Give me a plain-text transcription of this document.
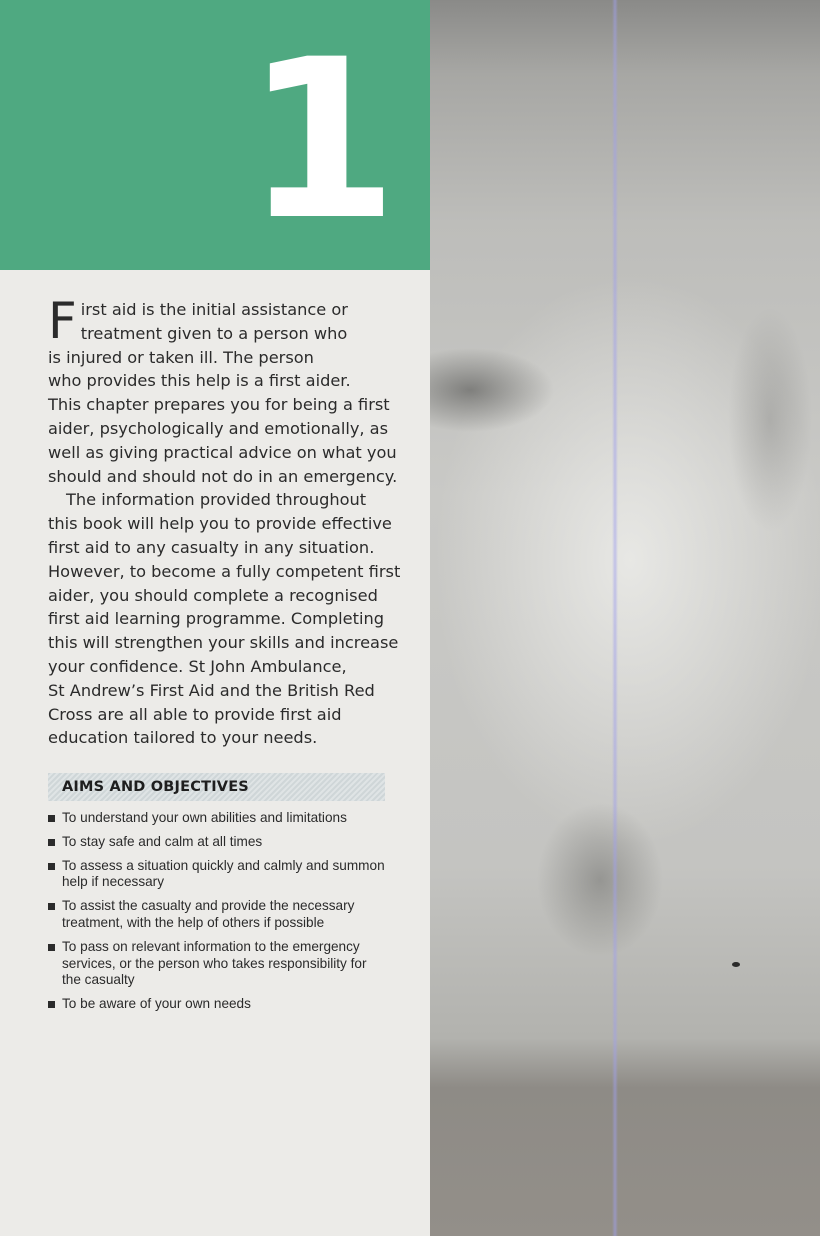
1

F irst aid is the initial assistance or
treatment given to a person who
is injured or taken ill. The person
who provides this help is a first aider.
This chapter prepares you for being a first
aider, psychologically and emotionally, as
well as giving practical advice on what you
should and should not do in an emergency.

The information provided throughout
this book will help you to provide effective
first aid to any casualty in any situation.
However, to become a fully competent first
aider, you should complete a recognised
first aid learning programme. Completing
this will strengthen your skills and increase
your confidence. St John Ambulance,
St Andrew’s First Aid and the British Red
Cross are all able to provide first aid
education tailored to your needs.

AIMS AND OBJECTIVES
To understand your own abilities and limitations
To stay safe and calm at all times
To assess a situation quickly and calmly and summon help if necessary
To assist the casualty and provide the necessary treatment, with the help of others if possible
To pass on relevant information to the emergency services, or the person who takes responsibility for the casualty
To be aware of your own needs
